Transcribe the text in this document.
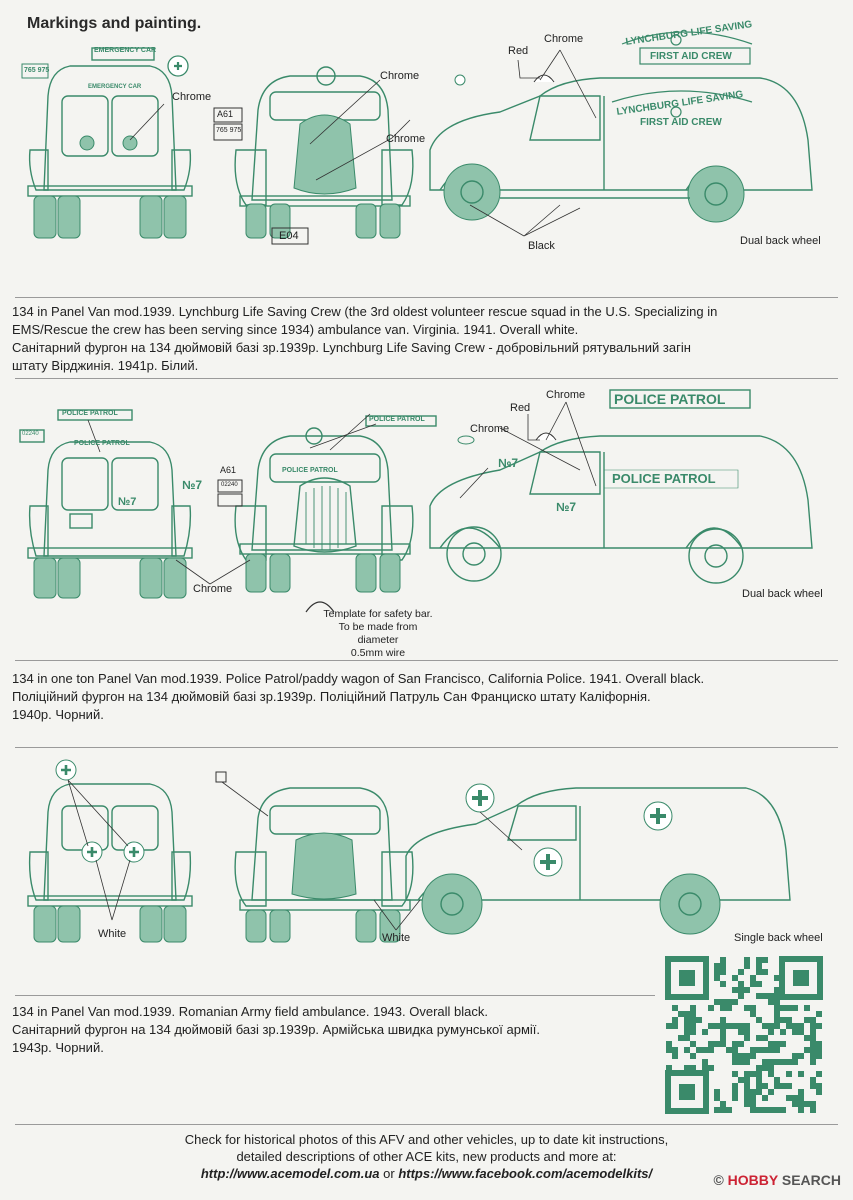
Markings and painting.
EMERGENCY CAR
EMERGENCY CAR
765 975
A61
765 975
E04
LYNCHBURG LIFE SAVING
FIRST AID CREW
LYNCHBURG LIFE SAVING
FIRST AID CREW
Chrome
Chrome
Chrome
Red
Chrome
Black	Dual back wheel
134 in Panel Van mod.1939. Lynchburg Life Saving Crew (the 3rd oldest volunteer rescue squad in the U.S. Specializing in
EMS/Rescue the crew has been serving since 1934) ambulance van. Virginia. 1941. Overall white.
Санітарний фургон на 134 дюймовій базі зр.1939р. Lynchburg Life Saving Crew - добровільний рятувальний загін
штату Вірджинія. 1941р. Білий.
POLICE PATROL
POLICE PATROL
02240
№7
POLICE PATROL
POLICE PATROL
A61
02240
№7
POLICE PATROL
POLICE PATROL
№7
№7
Red
Chrome
Chrome
Chrome	Dual back wheel
Template for safety bar.
To be made from diameter
0.5mm wire
134 in one ton Panel Van mod.1939. Police Patrol/paddy wagon of San Francisco, California Police. 1941. Overall black.
Поліційний фургон на 134 дюймовій базі зр.1939р. Поліційний Патруль Сан Франциско штату Каліфорнія.
1940р. Чорний.
White	White	Single back wheel
134 in Panel Van mod.1939. Romanian Army field ambulance. 1943. Overall black.
Санітарний фургон на 134 дюймовій базі зр.1939р. Армійська швидка румунської армії.
1943р. Чорний.
Check for historical photos of this AFV and other vehicles, up to date kit instructions,
detailed descriptions of other ACE kits, new products and more at:
http://www.acemodel.com.ua or https://www.facebook.com/acemodelkits/	© HOBBY SEARCH
